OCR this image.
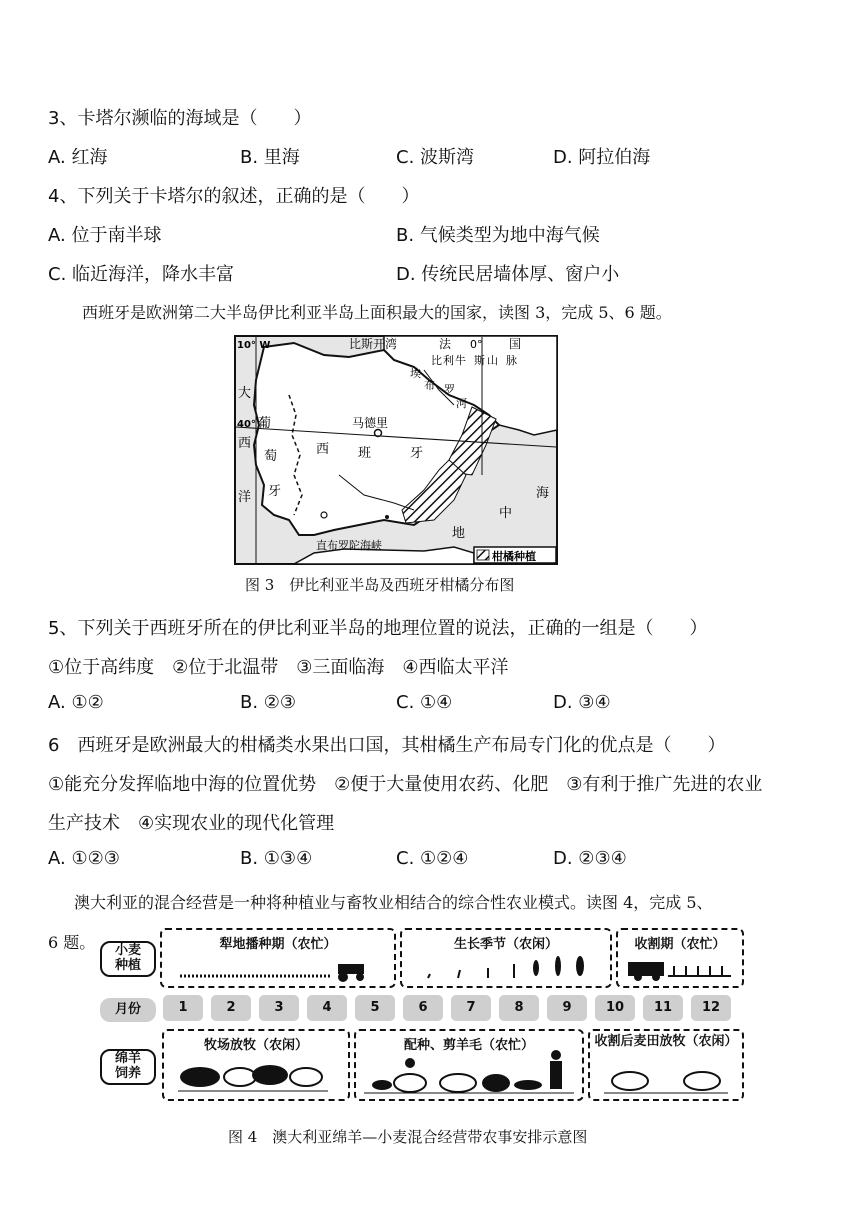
3、卡塔尔濒临的海域是（　　）
A. 红海	B. 里海	C. 波斯湾	D. 阿拉伯海
4、下列关于卡塔尔的叙述，正确的是（　　）
A. 位于南半球	B. 气候类型为地中海气候
C. 临近海洋，降水丰富	D. 传统民居墙体厚、窗户小
西班牙是欧洲第二大半岛伊比利亚半岛上面积最大的国家，读图 3，完成 5、6 题。
柑橘种植
10° W
40°
比斯开湾	法 0° 国
比 利 牛 斯 山 脉
埃
布 罗
河
大
西
洋
葡
萄
牙
马德里
西 班	牙
海
中
地
直布罗陀海峡
图 3　伊比利亚半岛及西班牙柑橘分布图
5、下列关于西班牙所在的伊比利亚半岛的地理位置的说法，正确的一组是（　　）
①位于高纬度　②位于北温带　③三面临海　④西临太平洋
A. ①②	B. ②③	C. ①④	D. ③④
6　西班牙是欧洲最大的柑橘类水果出口国，其柑橘生产布局专门化的优点是（　　）
①能充分发挥临地中海的位置优势　②便于大量使用农药、化肥　③有利于推广先进的农业
生产技术　④实现农业的现代化管理
A. ①②③	B. ①③④	C. ①②④	D. ②③④
澳大利亚的混合经营是一种将种植业与畜牧业相结合的综合性农业模式。读图 4，完成 5、
6 题。	小麦
种植
月份
绵羊
饲养
犁地播种期（农忙）	生长季节（农闲）	收割期（农忙）
1	2	3	4	5	6	7	8	9	10	11	12
牧场放牧（农闲）	配种、剪羊毛（农忙）	收割后麦田放牧（农闲）
图 4　澳大利亚绵羊—小麦混合经营带农事安排示意图
